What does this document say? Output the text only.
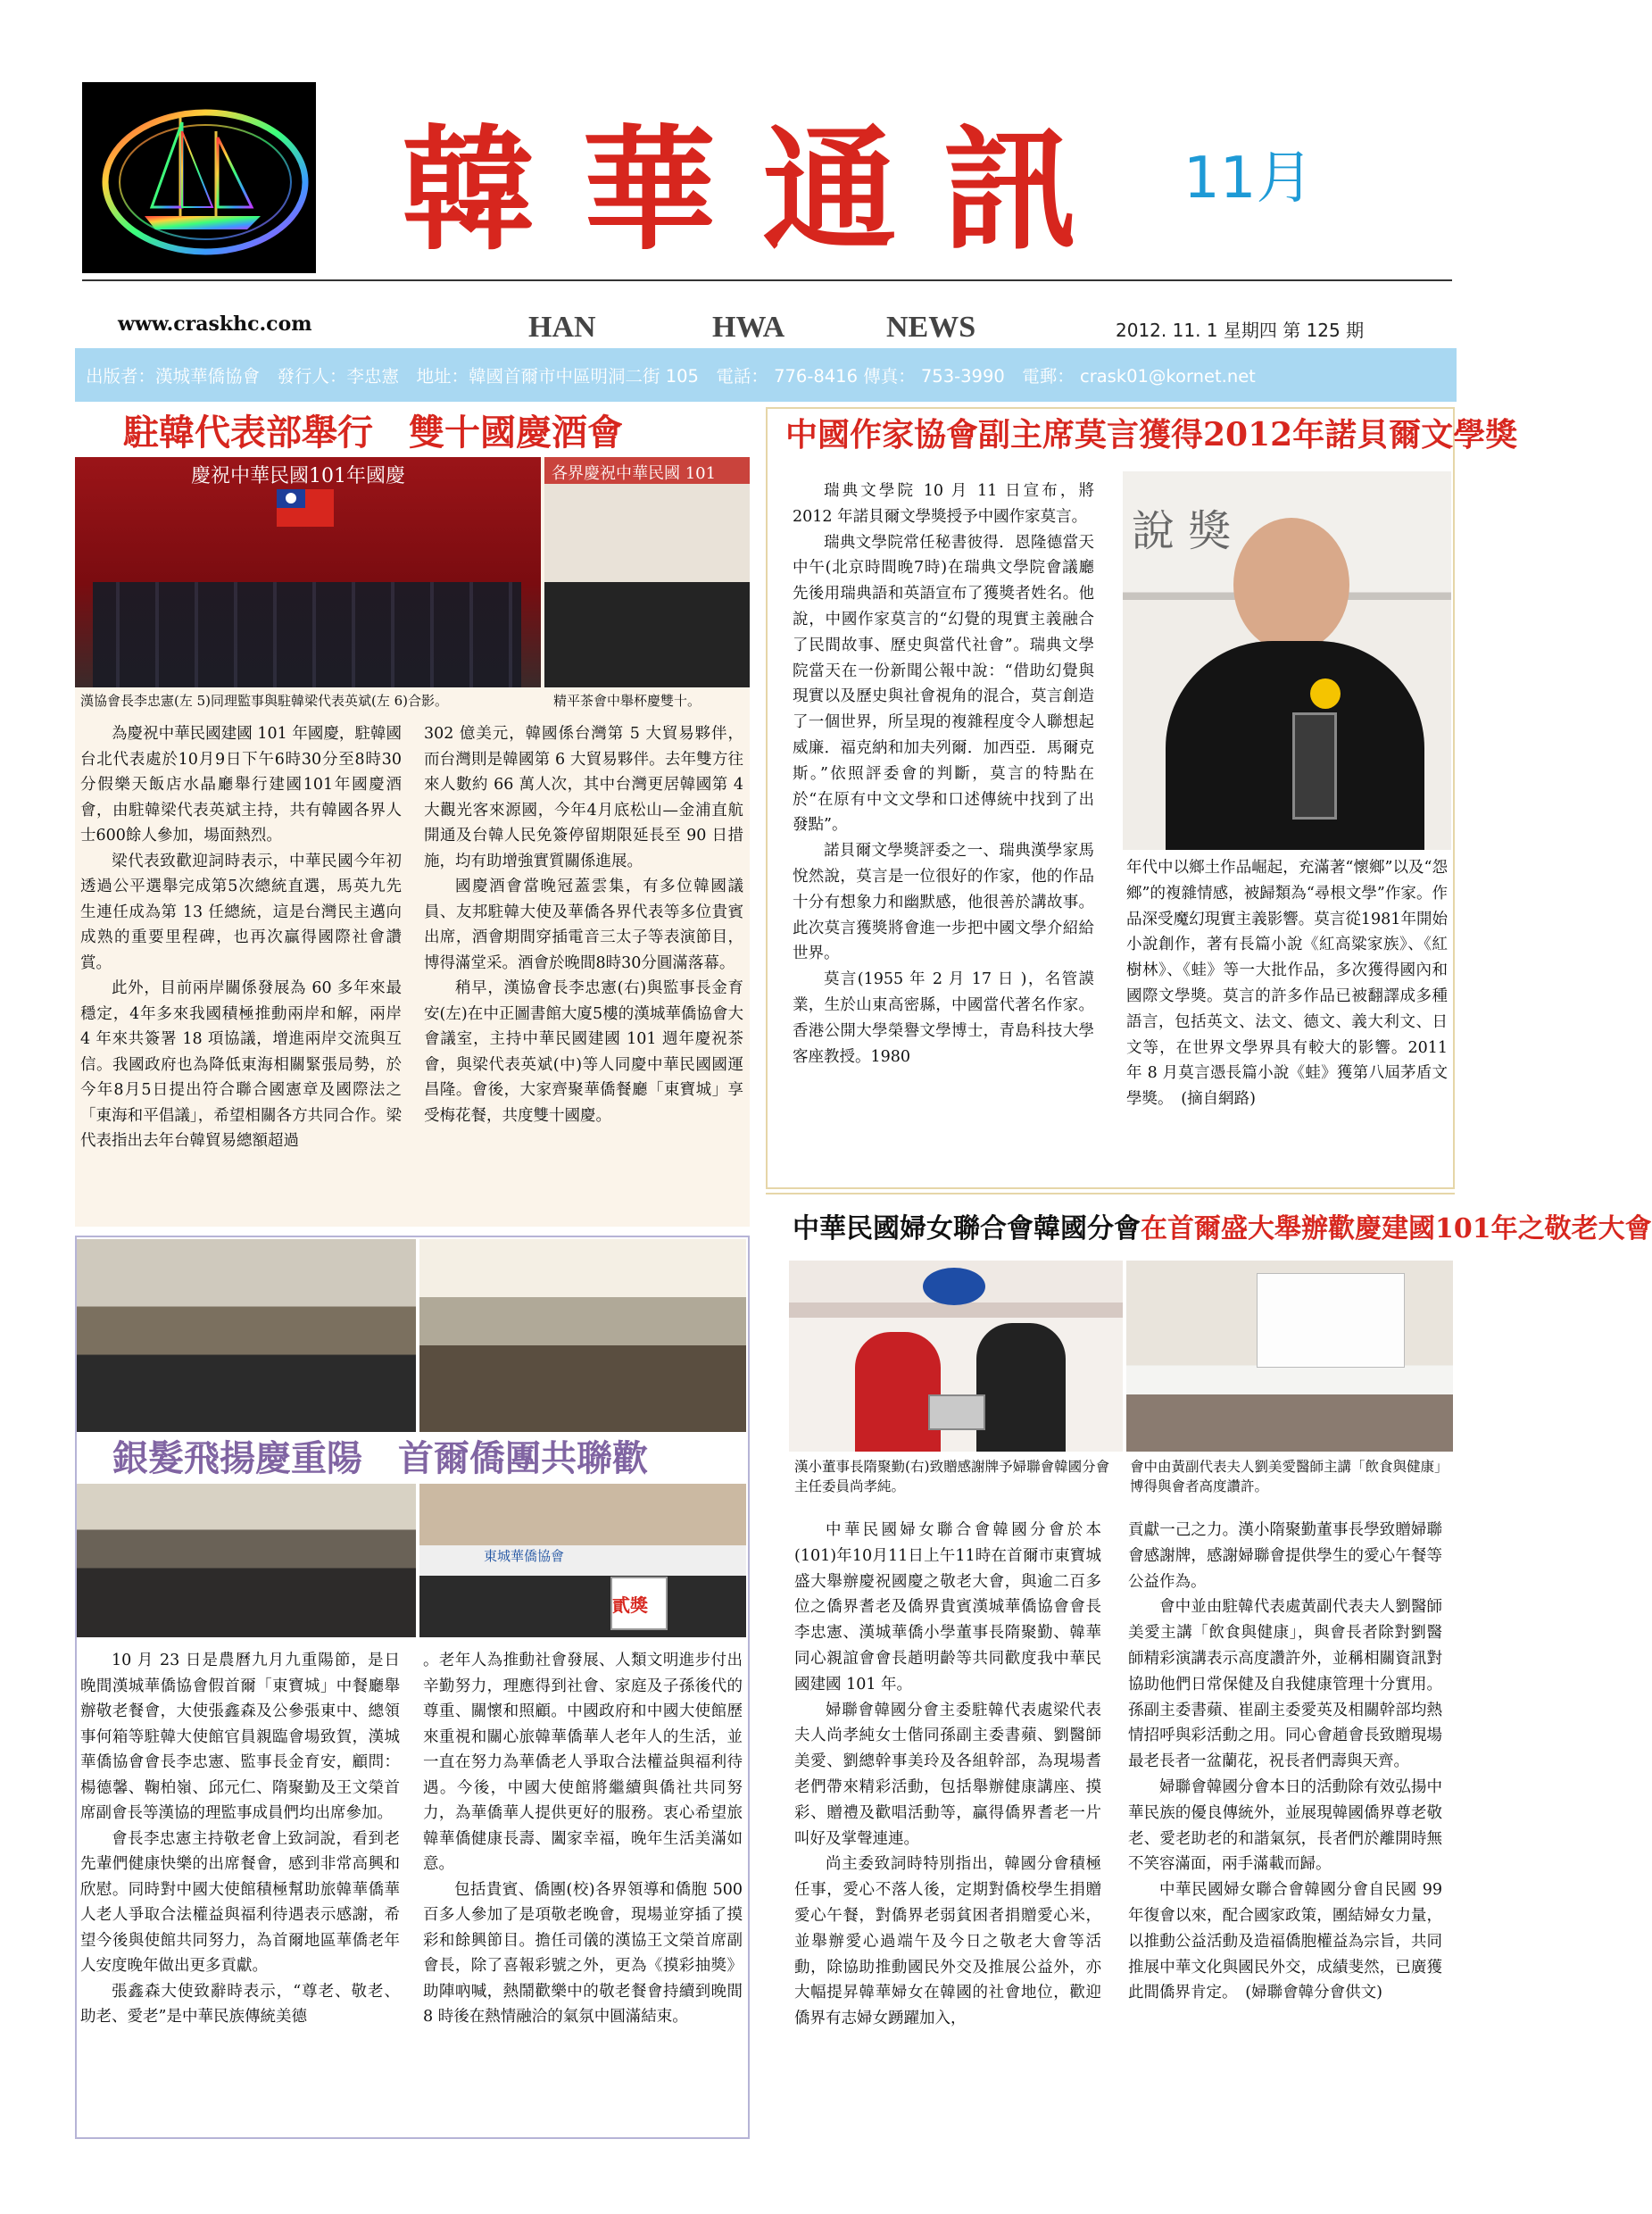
韓 華 通 訊 11月
www.craskhc.com	HAN	HWA	NEWS	2012. 11. 1 星期四 第 125 期
出版者：漢城華僑協會　發行人：李忠憲　地址：韓國首爾市中區明洞二街 105　電話： 776-8416 傳真： 753-3990　電郵： crask01@kornet.net
駐韓代表部舉行　雙十國慶酒會
慶祝中華民國101年國慶	各界慶祝中華民國 101
漢協會長李忠憲(左 5)同理監事與駐韓梁代表英斌(左 6)合影。	精平茶會中舉杯慶雙十。

為慶祝中華民國建國 101 年國慶，駐韓國台北代表處於10月9日下午6時30分至8時30分假樂天飯店水晶廳舉行建國101年國慶酒會，由駐韓梁代表英斌主持，共有韓國各界人士600餘人參加，場面熱烈。

梁代表致歡迎詞時表示，中華民國今年初透過公平選舉完成第5次總統直選，馬英九先生連任成為第 13 任總統，這是台灣民主邁向成熟的重要里程碑，也再次贏得國際社會讚賞。

此外，目前兩岸關係發展為 60 多年來最穩定，4年多來我國積極推動兩岸和解，兩岸 4 年來共簽署 18 項協議，增進兩岸交流與互信。我國政府也為降低東海相關緊張局勢，於今年8月5日提出符合聯合國憲章及國際法之「東海和平倡議」，希望相關各方共同合作。梁代表指出去年台韓貿易總額超過

302 億美元，韓國係台灣第 5 大貿易夥伴，而台灣則是韓國第 6 大貿易夥伴。去年雙方往來人數約 66 萬人次，其中台灣更居韓國第 4 大觀光客來源國，今年4月底松山—金浦直航開通及台韓人民免簽停留期限延長至 90 日措施，均有助增強實質關係進展。

國慶酒會當晚冠蓋雲集，有多位韓國議員、友邦駐韓大使及華僑各界代表等多位貴賓出席，酒會期間穿插電音三太子等表演節目，博得滿堂采。酒會於晚間8時30分圓滿落幕。

稍早，漢協會長李忠憲(右)與監事長金育安(左)在中正圖書館大廈5樓的漢城華僑協會大會議室，主持中華民國建國 101 週年慶祝茶會，與梁代表英斌(中)等人同慶中華民國國運昌隆。會後，大家齊聚華僑餐廳「東寶城」享受梅花餐，共度雙十國慶。

中國作家協會副主席莫言獲得2012年諾貝爾文學獎
說 獎

瑞典文學院 10 月 11 日宣布，將 2012 年諾貝爾文學獎授予中國作家莫言。

瑞典文學院常任秘書彼得．恩隆德當天中午(北京時間晚7時)在瑞典文學院會議廳先後用瑞典語和英語宣布了獲獎者姓名。他說，中國作家莫言的“幻覺的現實主義融合了民間故事、歷史與當代社會”。瑞典文學院當天在一份新聞公報中說：“借助幻覺與現實以及歷史與社會視角的混合，莫言創造了一個世界，所呈現的複雜程度令人聯想起威廉．福克納和加夫列爾．加西亞．馬爾克斯。”依照評委會的判斷，莫言的特點在於“在原有中文文學和口述傳統中找到了出發點”。

諾貝爾文學獎評委之一、瑞典漢學家馬悅然說，莫言是一位很好的作家，他的作品十分有想象力和幽默感，他很善於講故事。此次莫言獲獎將會進一步把中國文學介紹給世界。

莫言(1955 年 2 月 17 日 )，名管謨業，生於山東高密縣，中國當代著名作家。香港公開大學榮譽文學博士，青島科技大學客座教授。1980

年代中以鄉土作品崛起，充滿著“懷鄉”以及“怨鄉”的複雜情感，被歸類為“尋根文學”作家。作品深受魔幻現實主義影響。莫言從1981年開始小說創作，著有長篇小說《紅高粱家族》、《紅樹林》、《蛙》等一大批作品，多次獲得國內和國際文學獎。莫言的許多作品已被翻譯成多種語言，包括英文、法文、德文、義大利文、日文等，在世界文學界具有較大的影響。2011 年 8 月莫言憑長篇小說《蛙》獲第八屆茅盾文學獎。　(摘自網路)

銀髮飛揚慶重陽　首爾僑團共聯歡
東城華僑協會
貳獎

10 月 23 日是農曆九月九重陽節，是日晚間漢城華僑協會假首爾「東寶城」中餐廳舉辦敬老餐會，大使張鑫森及公參張東中、總領事何箱等駐韓大使館官員親臨會場致賀，漢城華僑協會會長李忠憲、監事長金育安，顧問：楊德馨、鞠柏嶺、邱元仁、隋聚勤及王文榮首席副會長等漢協的理監事成員們均出席參加。

會長李忠憲主持敬老會上致詞說，看到老先輩們健康快樂的出席餐會，感到非常高興和欣慰。同時對中國大使館積極幫助旅韓華僑華人老人爭取合法權益與福利待遇表示感謝，希望今後與使館共同努力，為首爾地區華僑老年人安度晚年做出更多貢獻。

張鑫森大使致辭時表示，“尊老、敬老、助老、愛老”是中華民族傳統美德

。老年人為推動社會發展、人類文明進步付出辛勤努力，理應得到社會、家庭及子孫後代的尊重、關懷和照顧。中國政府和中國大使館歷來重視和關心旅韓華僑華人老年人的生活，並一直在努力為華僑老人爭取合法權益與福利待遇。今後，中國大使館將繼續與僑社共同努力，為華僑華人提供更好的服務。衷心希望旅韓華僑健康長壽、闔家幸福，晚年生活美滿如意。

包括貴賓、僑團(校)各界領導和僑胞 500 百多人參加了是項敬老晚會，現場並穿插了摸彩和餘興節目。擔任司儀的漢協王文榮首席副會長，除了喜報彩號之外，更為《摸彩抽獎》助陣吶喊，熱鬧歡樂中的敬老餐會持續到晚間 8 時後在熱情融洽的氣氛中圓滿結束。

中華民國婦女聯合會韓國分會在首爾盛大舉辦歡慶建國101年之敬老大會
漢小董事長隋聚勤(右)致贈感謝牌予婦聯會韓國分會主任委員尚孝純。
會中由黃副代表夫人劉美愛醫師主講「飲食與健康」博得與會者高度讚許。

中華民國婦女聯合會韓國分會於本(101)年10月11日上午11時在首爾市東寶城盛大舉辦慶祝國慶之敬老大會，與逾二百多位之僑界耆老及僑界貴賓漢城華僑協會會長李忠憲、漢城華僑小學董事長隋聚勤、韓華同心親誼會會長趙明齡等共同歡度我中華民國建國 101 年。

婦聯會韓國分會主委駐韓代表處梁代表夫人尚孝純女士偕同孫副主委書蘋、劉醫師美愛、劉總幹事美玲及各組幹部，為現場耆老們帶來精彩活動，包括舉辦健康講座、摸彩、贈禮及歡唱活動等，贏得僑界耆老一片叫好及掌聲連連。

尚主委致詞時特別指出，韓國分會積極任事，愛心不落人後，定期對僑校學生捐贈愛心午餐，對僑界老弱貧困者捐贈愛心米，並舉辦愛心過端午及今日之敬老大會等活動，除協助推動國民外交及推展公益外，亦大幅提昇韓華婦女在韓國的社會地位，歡迎僑界有志婦女踴躍加入，

貢獻一己之力。漢小隋聚勤董事長學致贈婦聯會感謝牌，感謝婦聯會提供學生的愛心午餐等公益作為。

會中並由駐韓代表處黃副代表夫人劉醫師美愛主講「飲食與健康」，與會長者除對劉醫師精彩演講表示高度讚許外，並稱相關資訊對協助他們日常保健及自我健康管理十分實用。孫副主委書蘋、崔副主委愛英及相關幹部均熱情招呼與彩活動之用。同心會趙會長致贈現場最老長者一盆蘭花，祝長者們壽與天齊。

婦聯會韓國分會本日的活動除有效弘揚中華民族的優良傳統外，並展現韓國僑界尊老敬老、愛老助老的和諧氣氛，長者們於離開時無不笑容滿面，兩手滿載而歸。

中華民國婦女聯合會韓國分會自民國 99 年復會以來，配合國家政策，團結婦女力量，以推動公益活動及造福僑胞權益為宗旨，共同推展中華文化與國民外交，成績斐然，已廣獲此間僑界肯定。　(婦聯會韓分會供文)
